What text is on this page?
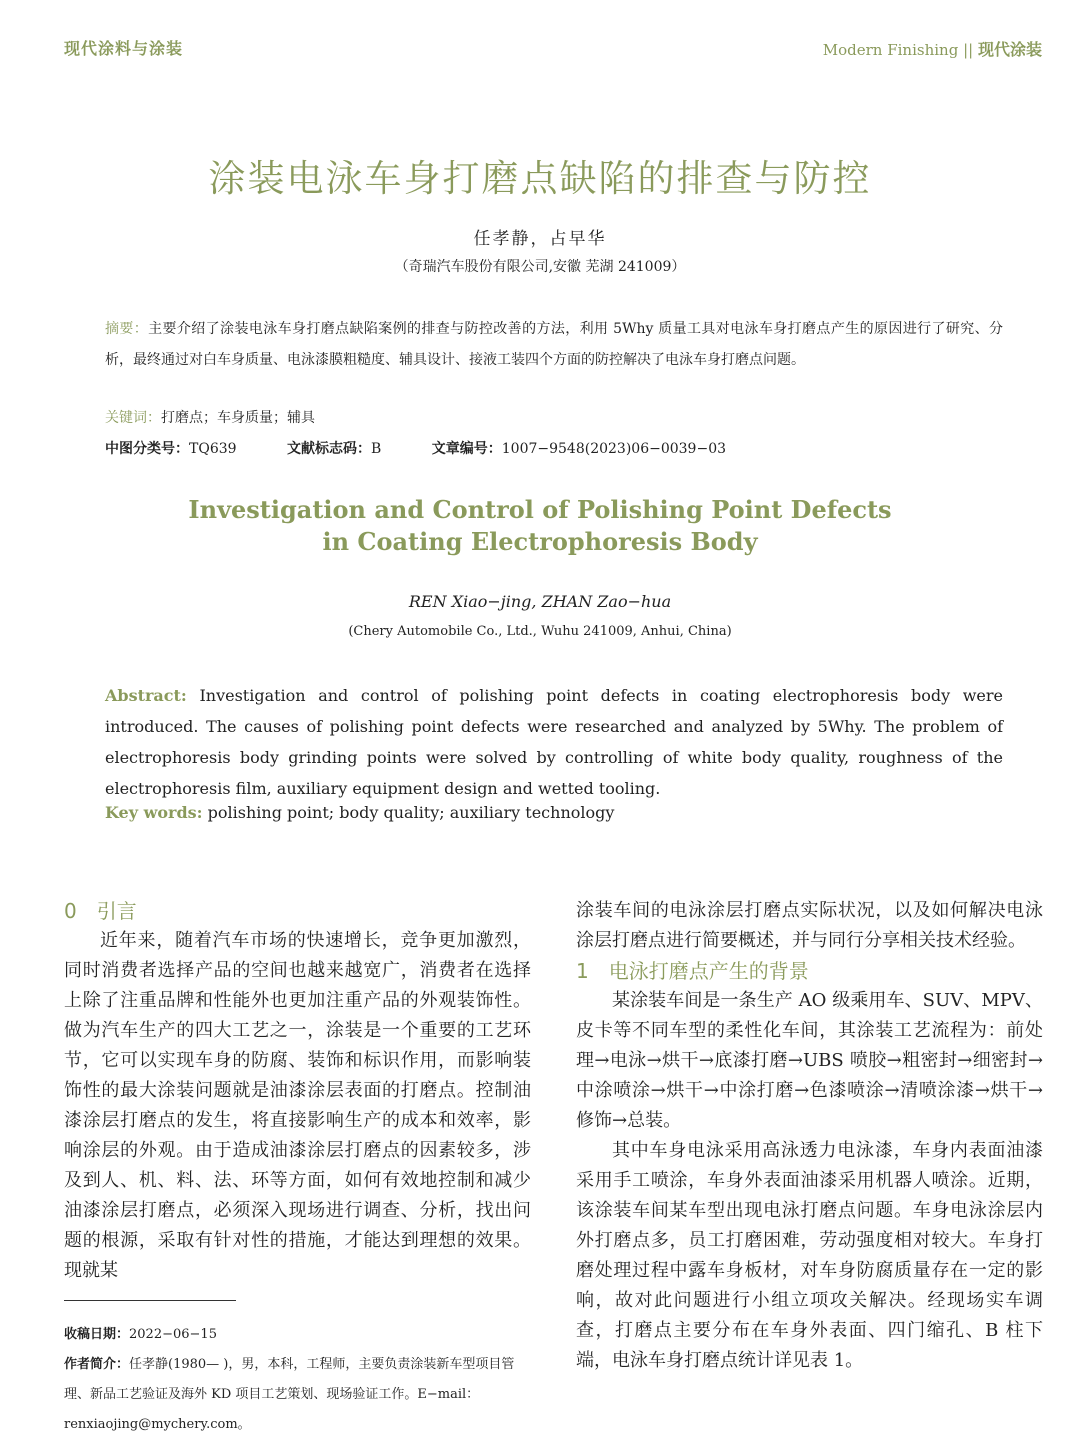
现代涂料与涂装	Modern Finishing || 现代涂装
涂装电泳车身打磨点缺陷的排查与防控
任孝静，占早华
（奇瑞汽车股份有限公司,安徽 芜湖 241009）
摘要：主要介绍了涂装电泳车身打磨点缺陷案例的排查与防控改善的方法，利用 5Why 质量工具对电泳车身打磨点产生的原因进行了研究、分析，最终通过对白车身质量、电泳漆膜粗糙度、辅具设计、接液工装四个方面的防控解决了电泳车身打磨点问题。
关键词：打磨点；车身质量；辅具
中图分类号：TQ639	文献标志码：B	文章编号：1007−9548(2023)06−0039−03
Investigation and Control of Polishing Point Defects
in Coating Electrophoresis Body
REN Xiao−jing, ZHAN Zao−hua
(Chery Automobile Co., Ltd., Wuhu 241009, Anhui, China)
Abstract: Investigation and control of polishing point defects in coating electrophoresis body were introduced. The causes of polishing point defects were researched and analyzed by 5Why. The problem of electrophoresis body grinding points were solved by controlling of white body quality, roughness of the electrophoresis film, auxiliary equipment design and wetted tooling.
Key words: polishing point; body quality; auxiliary technology
0　引言

近年来，随着汽车市场的快速增长，竞争更加激烈，同时消费者选择产品的空间也越来越宽广，消费者在选择上除了注重品牌和性能外也更加注重产品的外观装饰性。做为汽车生产的四大工艺之一，涂装是一个重要的工艺环节，它可以实现车身的防腐、装饰和标识作用，而影响装饰性的最大涂装问题就是油漆涂层表面的打磨点。控制油漆涂层打磨点的发生，将直接影响生产的成本和效率，影响涂层的外观。由于造成油漆涂层打磨点的因素较多，涉及到人、机、料、法、环等方面，如何有效地控制和减少油漆涂层打磨点，必须深入现场进行调查、分析，找出问题的根源，采取有针对性的措施，才能达到理想的效果。现就某

涂装车间的电泳涂层打磨点实际状况，以及如何解决电泳涂层打磨点进行简要概述，并与同行分享相关技术经验。

1　电泳打磨点产生的背景

某涂装车间是一条生产 AO 级乘用车、SUV、MPV、皮卡等不同车型的柔性化车间，其涂装工艺流程为：前处理→电泳→烘干→底漆打磨→UBS 喷胶→粗密封→细密封→中涂喷涂→烘干→中涂打磨→色漆喷涂→清喷涂漆→烘干→修饰→总装。

其中车身电泳采用高泳透力电泳漆，车身内表面油漆采用手工喷涂，车身外表面油漆采用机器人喷涂。近期，该涂装车间某车型出现电泳打磨点问题。车身电泳涂层内外打磨点多，员工打磨困难，劳动强度相对较大。车身打磨处理过程中露车身板材，对车身防腐质量存在一定的影响，故对此问题进行小组立项攻关解决。经现场实车调查，打磨点主要分布在车身外表面、四门缩孔、B 柱下端，电泳车身打磨点统计详见表 1。

收稿日期：2022−06−15
作者简介：任孝静(1980— )，男，本科，工程师，主要负责涂装新车型项目管理、新品工艺验证及海外 KD 项目工艺策划、现场验证工作。E−mail：renxiaojing@mychery.com。
